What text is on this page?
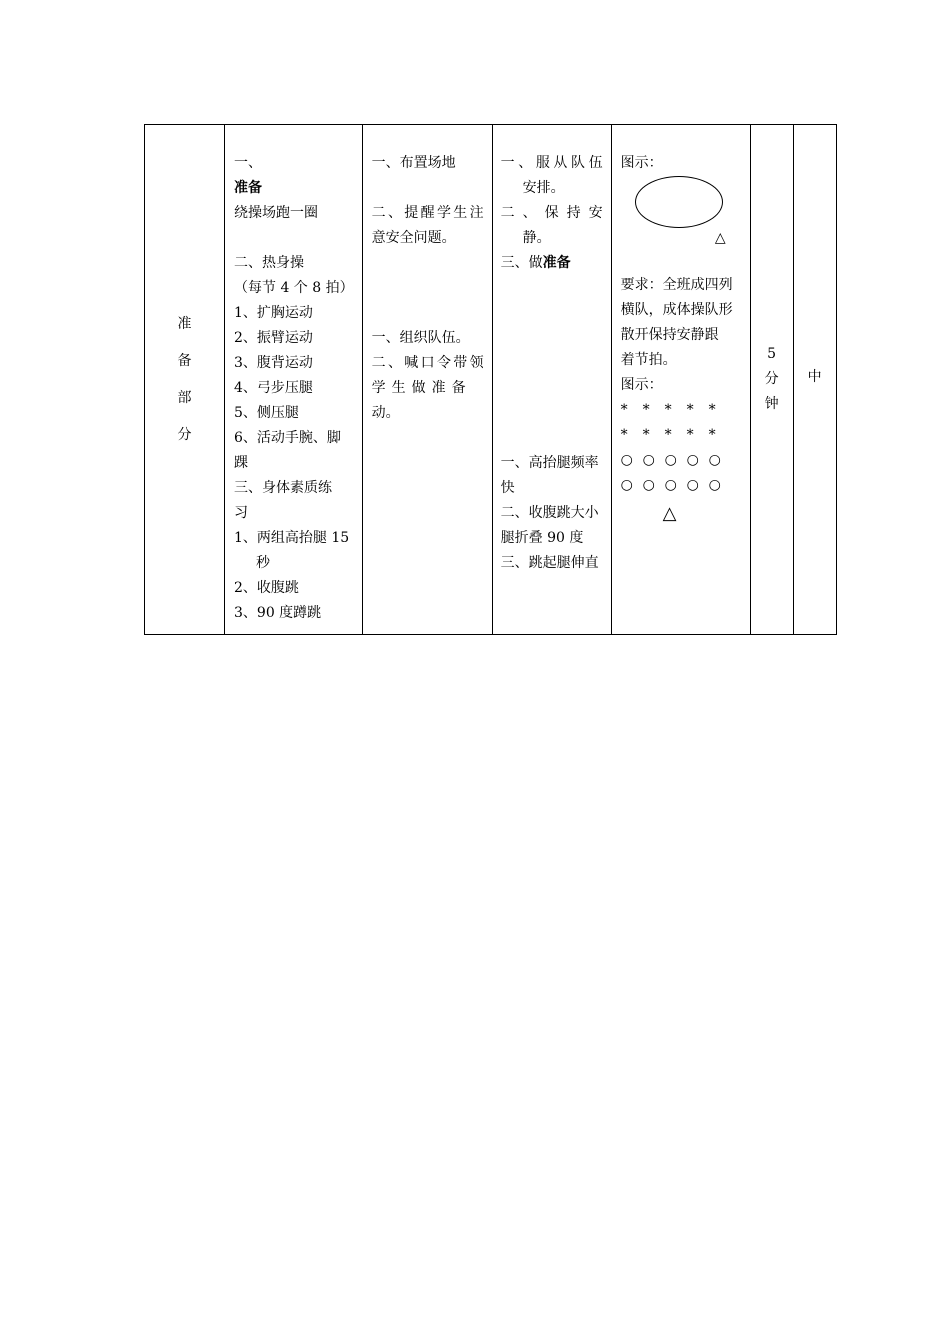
准
备
部
分

一、
准备
绕操场跑一圈
二、热身操
（每节 4 个 8 拍）
1、扩胸运动
2、振臂运动
3、腹背运动
4、弓步压腿
5、侧压腿
6、活动手腕、脚
踝
三、身体素质练
习
1、两组高抬腿 15
秒
2、收腹跳
3、90 度蹲跳

一、布置场地
二、提醒学生注
意安全问题。
一、组织队伍。
二、喊口令带领
学生做准备
动。

一、服从队伍
安排。
二、保持安
静。
三、做准备
一、高抬腿频率
快
二、收腹跳大小
腿折叠 90 度
三、跳起腿伸直

图示：
△
要求：全班成四列
横队，成体操队形
散开保持安静跟
着节拍。
图示：
*	*	*	*	*
*	*	*	*	*
○ ○ ○ ○ ○
○ ○ ○ ○ ○
△

5
分
钟

中
